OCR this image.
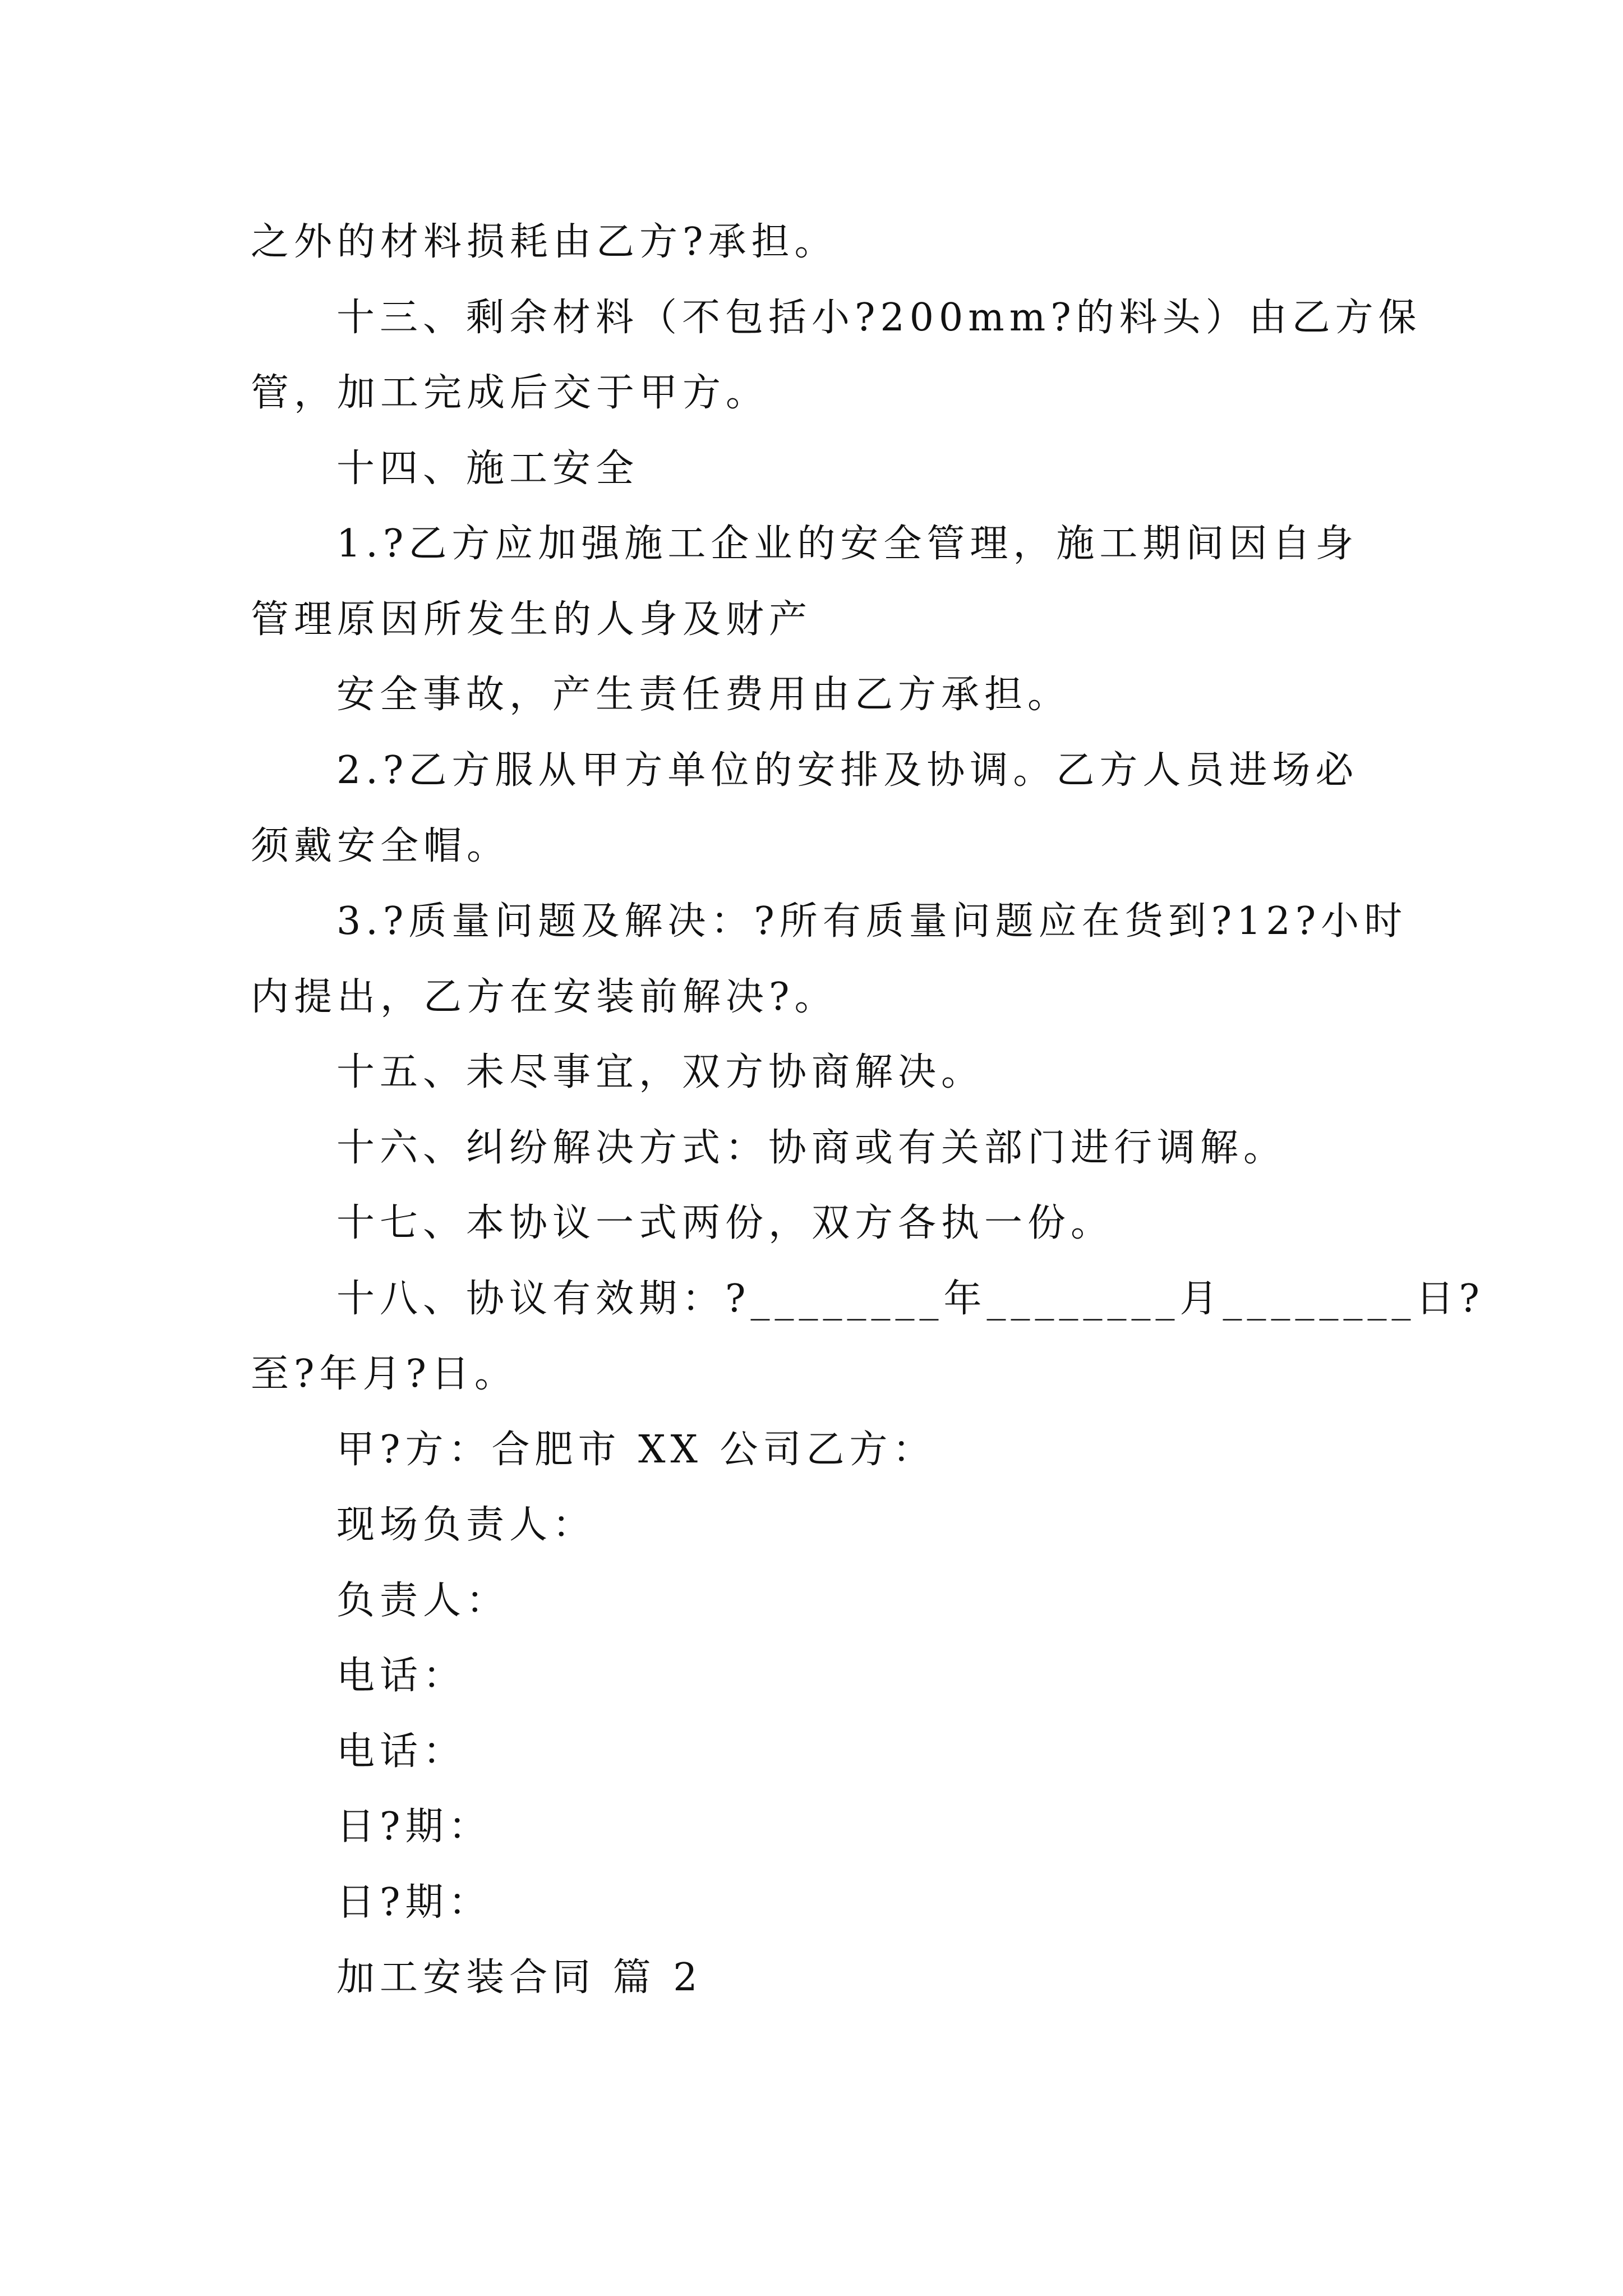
之外的材料损耗由乙方?承担。
十三、剩余材料（不包括小?200mm?的料头）由乙方保
管，加工完成后交于甲方。
十四、施工安全
1.?乙方应加强施工企业的安全管理，施工期间因自身
管理原因所发生的人身及财产
安全事故，产生责任费用由乙方承担。
2.?乙方服从甲方单位的安排及协调。乙方人员进场必
须戴安全帽。
3.?质量问题及解决：?所有质量问题应在货到?12?小时
内提出，乙方在安装前解决?。
十五、未尽事宜，双方协商解决。
十六、纠纷解决方式：协商或有关部门进行调解。
十七、本协议一式两份，双方各执一份。
十八、协议有效期：?________年________月________日?
至?年月?日。
甲?方：合肥市 XX 公司乙方：
现场负责人：
负责人：
电话：
电话：
日?期：
日?期：
加工安装合同 篇 2
